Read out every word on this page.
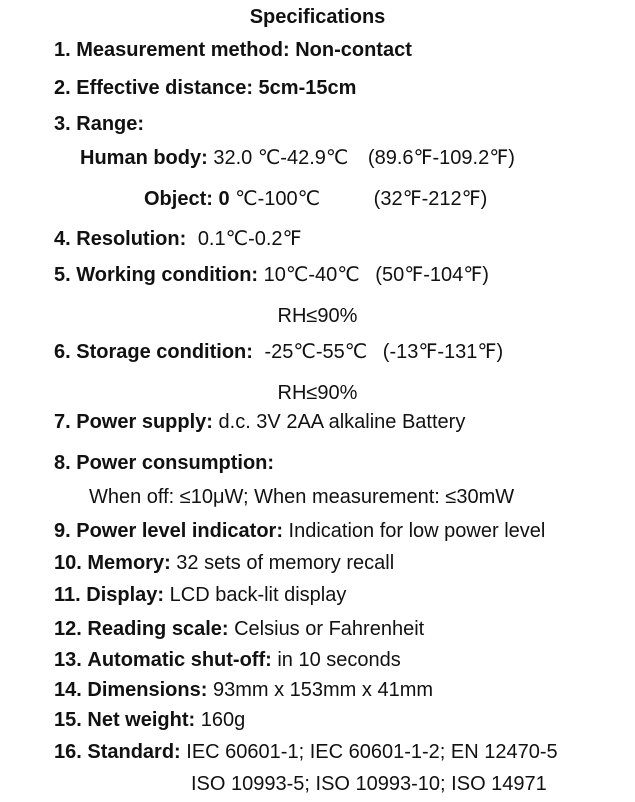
Specifications
1. Measurement method: Non-contact
2. Effective distance: 5cm-15cm
3. Range:
Human body: 32.0 ℃-42.9℃ (89.6℉-109.2℉)
Object: 0 ℃-100℃	(32℉-212℉)
4. Resolution: 0.1℃-0.2℉
5. Working condition: 10℃-40℃ (50℉-104℉)
RH≤90%
6. Storage condition: -25℃-55℃ (-13℉-131℉)
RH≤90%
7. Power supply: d.c. 3V 2AA alkaline Battery
8. Power consumption:
When off: ≤10μW; When measurement: ≤30mW
9. Power level indicator: Indication for low power level
10. Memory: 32 sets of memory recall
11. Display: LCD back-lit display
12. Reading scale: Celsius or Fahrenheit
13. Automatic shut-off: in 10 seconds
14. Dimensions: 93mm x 153mm x 41mm
15. Net weight: 160g
16. Standard: IEC 60601-1; IEC 60601-1-2; EN 12470-5
ISO 10993-5; ISO 10993-10; ISO 14971
